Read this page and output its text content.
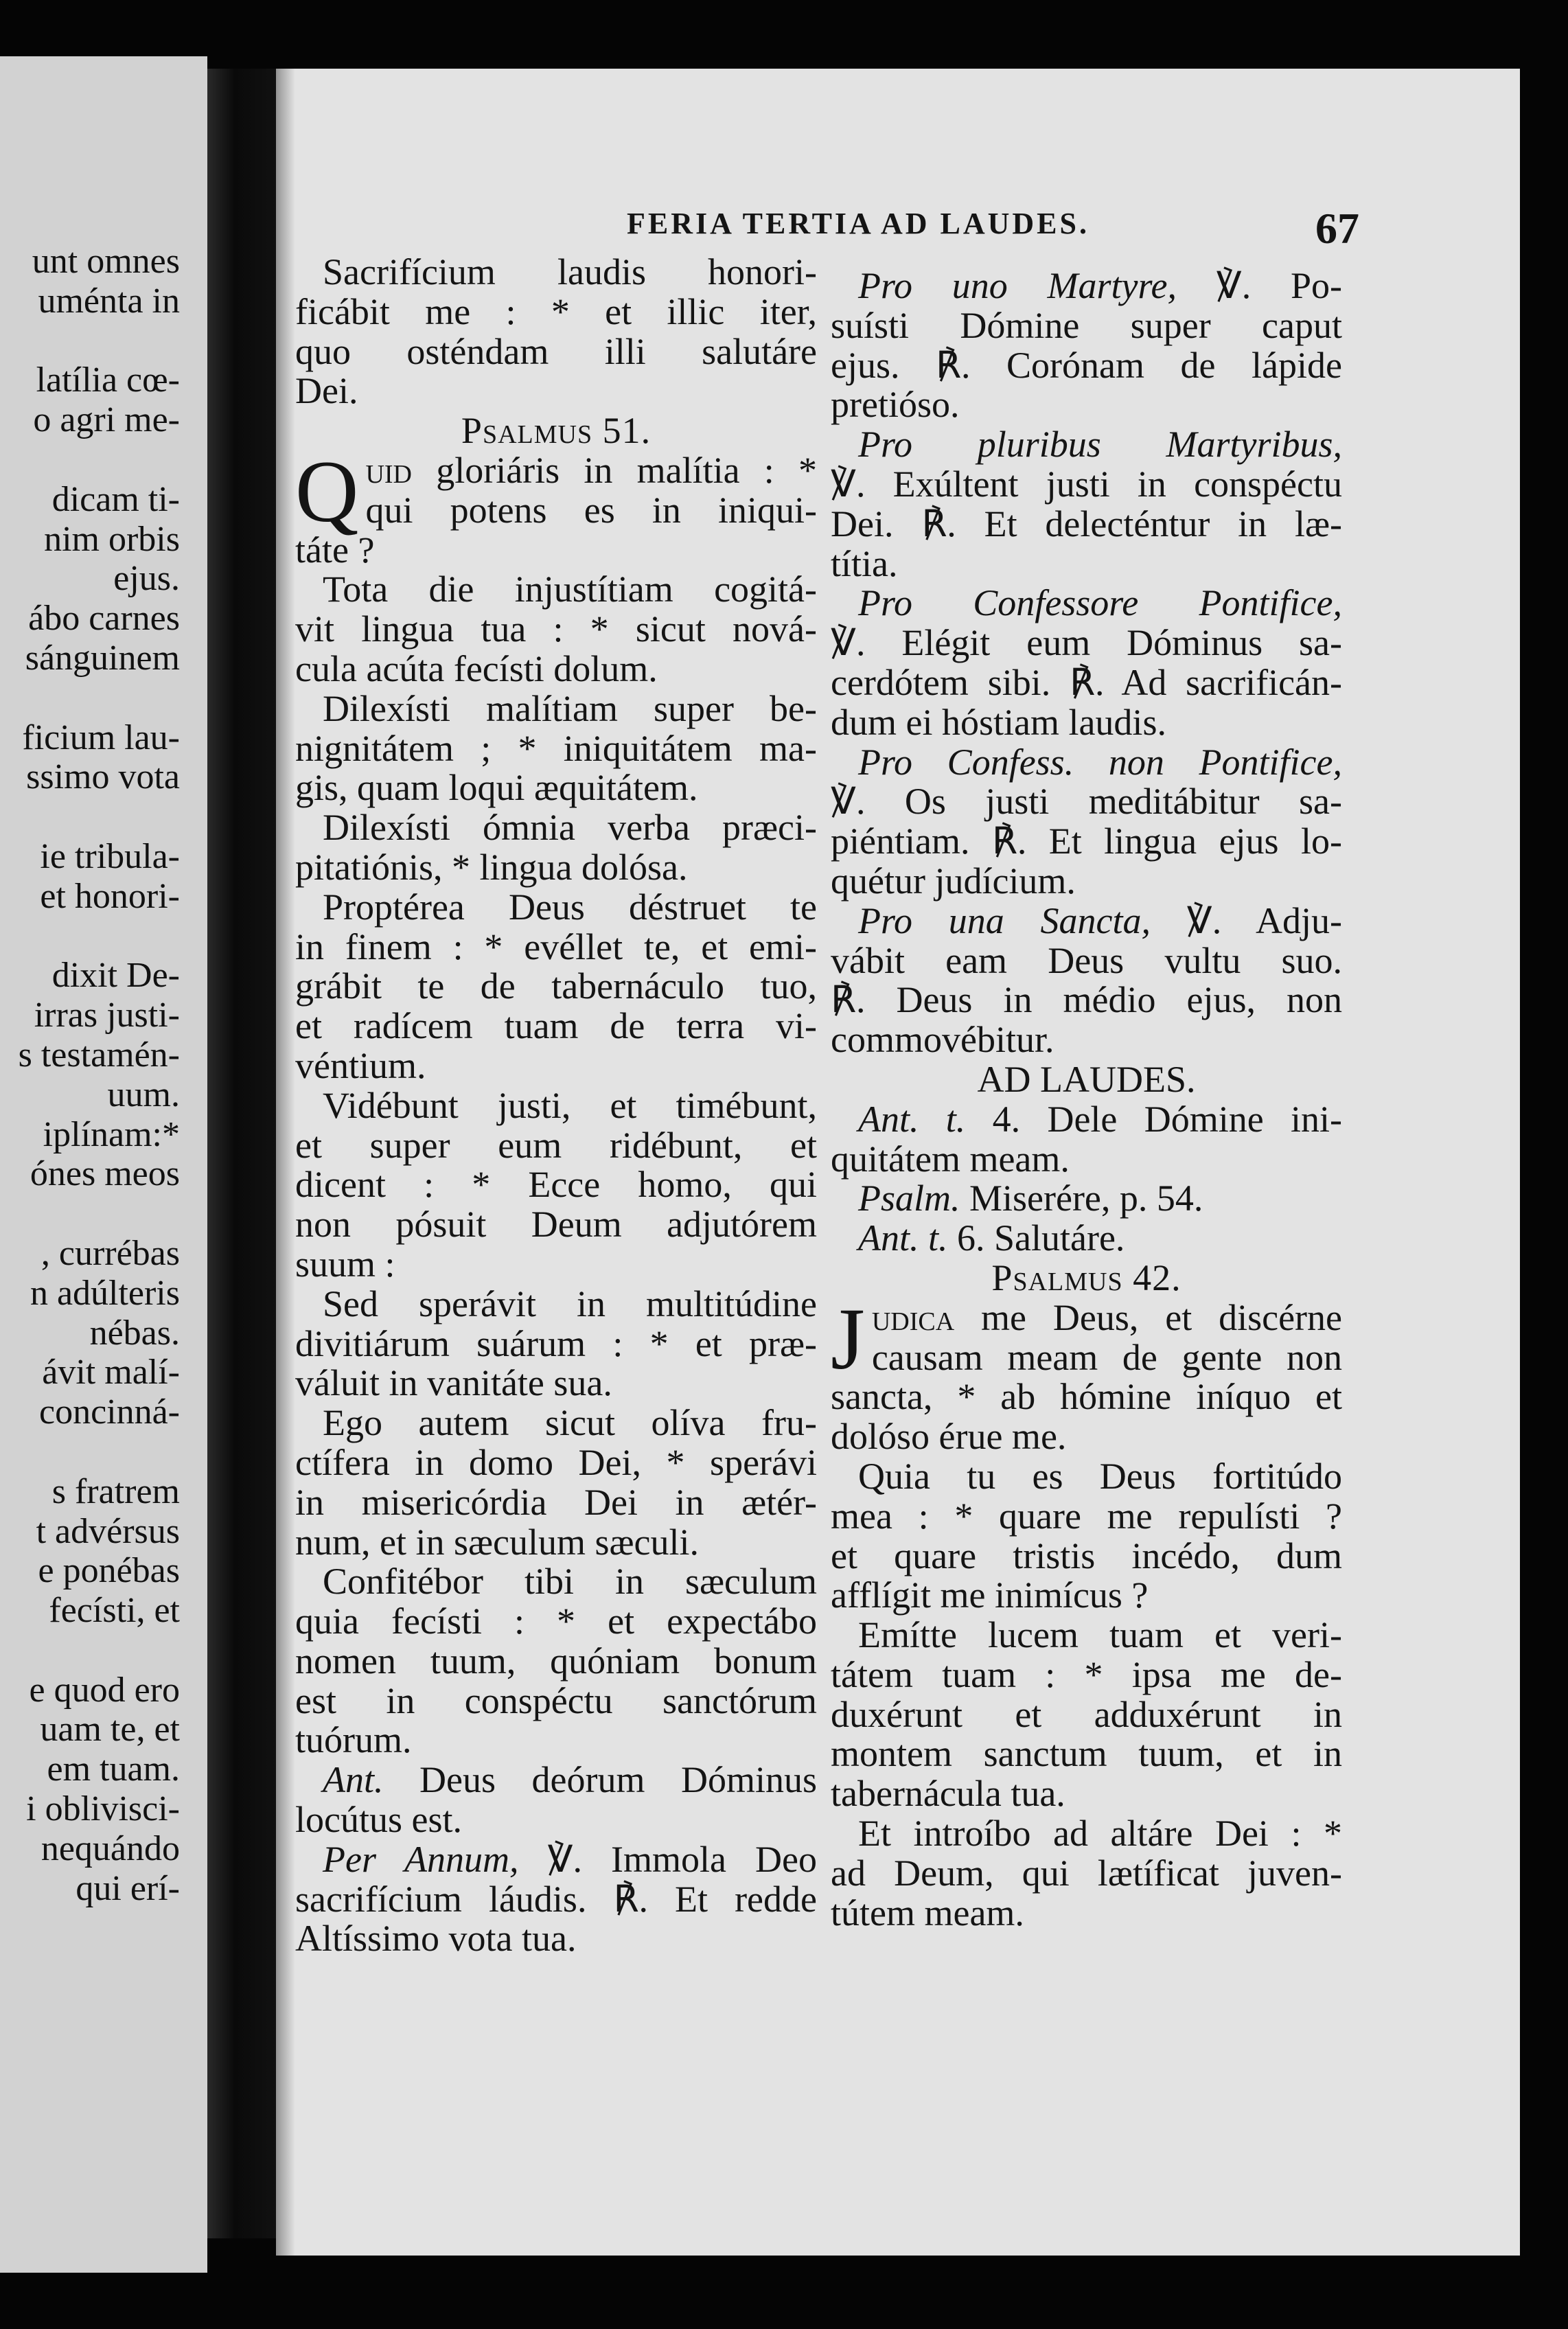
unt omnes
uménta in

latília cœ-
o agri me-

dicam ti-
nim orbis
ejus.
ábo carnes
sánguinem

ficium lau-
ssimo vota

ie tribula-
et honori-

dixit De-
irras justi-
s testamén-
uum.
iplínam:*
ónes meos

, currébas
n adúlteris
nébas.
ávit malí-
concinná-

s fratrem
t advérsus
e ponébas
fecísti, et

e quod ero
uam te, et
em tuam.
i oblivisci-
nequándo
qui erí-
FERIA TERTIA AD LAUDES.	67
Sacrifícium laudis honori-
ficábit me : * et illic iter,
quo osténdam illi salutáre
Dei.
Psalmus 51.
Q uid gloriáris in malítia : *
qui potens es in iniqui-
táte ?
Tota die injustítiam cogitá-
vit lingua tua : * sicut nová-
cula acúta fecísti dolum.
Dilexísti malítiam super be-
nignitátem ; * iniquitátem ma-
gis, quam loqui æquitátem.
Dilexísti ómnia verba præci-
pitatiónis, * lingua dolósa.
Proptérea Deus déstruet te
in finem : * evéllet te, et emi-
grábit te de tabernáculo tuo,
et radícem tuam de terra vi-
véntium.
Vidébunt justi, et timébunt,
et super eum ridébunt, et
dicent : * Ecce homo, qui
non pósuit Deum adjutórem
suum :
Sed sperávit in multitúdine
divitiárum suárum : * et præ-
váluit in vanitáte sua.
Ego autem sicut olíva fru-
ctífera in domo Dei, * sperávi
in misericórdia Dei in ætér-
num, et in sæculum sæculi.
Confitébor tibi in sæculum
quia fecísti : * et expectábo
nomen tuum, quóniam bonum
est in conspéctu sanctórum
tuórum.
Ant. Deus deórum Dóminus
locútus est.
Per Annum, ℣. Immola Deo
sacrifícium láudis. ℟. Et redde
Altíssimo vota tua.
Pro uno Martyre, ℣. Po-
suísti Dómine super caput
ejus. ℟. Corónam de lápide
pretióso.
Pro pluribus Martyribus,
℣. Exúltent justi in conspéctu
Dei. ℟. Et delecténtur in læ-
títia.
Pro Confessore Pontifice,
℣. Elégit eum Dóminus sa-
cerdótem sibi. ℟. Ad sacrificán-
dum ei hóstiam laudis.
Pro Confess. non Pontifice,
℣. Os justi meditábitur sa-
piéntiam. ℟. Et lingua ejus lo-
quétur judícium.
Pro una Sancta, ℣. Adju-
vábit eam Deus vultu suo.
℟. Deus in médio ejus, non
commovébitur.
AD LAUDES.
Ant. t. 4. Dele Dómine ini-
quitátem meam.
Psalm. Miserére, p. 54.
Ant. t. 6. Salutáre.
Psalmus 42.
J udica me Deus, et discérne
causam meam de gente non
sancta, * ab hómine iníquo et
dolóso érue me.
Quia tu es Deus fortitúdo
mea : * quare me repulísti ?
et quare tristis incédo, dum
afflígit me inimícus ?
Emítte lucem tuam et veri-
tátem tuam : * ipsa me de-
duxérunt et adduxérunt in
montem sanctum tuum, et in
tabernácula tua.
Et introíbo ad altáre Dei : *
ad Deum, qui lætíficat juven-
tútem meam.
